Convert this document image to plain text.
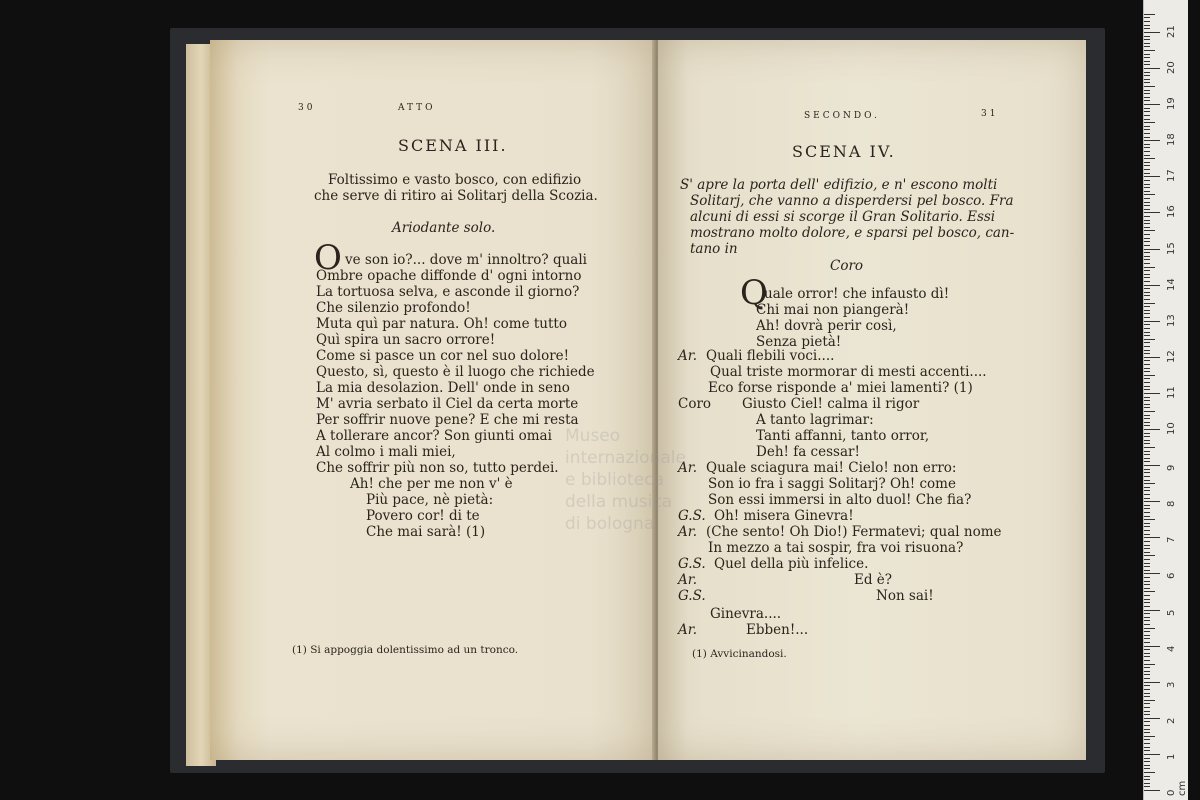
30	ATTO
SCENA III.
Foltissimo e vasto bosco, con edifizio
che serve di ritiro ai Solitarj della Scozia.
Ariodante solo.
O ve son io?... dove m' innoltro? quali
Ombre opache diffonde d' ogni intorno
La tortuosa selva, e asconde il giorno?
Che silenzio profondo!
Muta quì par natura. Oh! come tutto
Quì spira un sacro orrore!
Come si pasce un cor nel suo dolore!
Questo, sì, questo è il luogo che richiede
La mia desolazion. Dell' onde in seno
M' avria serbato il Ciel da certa morte
Per soffrir nuove pene? E che mi resta
A tollerare ancor? Son giunti omai
Al colmo i mali miei,
Che soffrir più non so, tutto perdei.
Ah! che per me non v' è
Più pace, nè pietà:
Povero cor! di te
Che mai sarà! (1)
(1) Si appoggia dolentissimo ad un tronco.
SECONDO.	31
SCENA IV.
S' apre la porta dell' edifizio, e n' escono molti
Solitarj, che vanno a disperdersi pel bosco. Fra
alcuni di essi si scorge il Gran Solitario. Essi
mostrano molto dolore, e sparsi pel bosco, can-
tano in
Coro
Q
uale orror! che infausto dì!
Chi mai non piangerà!
Ah! dovrà perir così,
Senza pietà!
Ar. Quali flebili voci....
Qual triste mormorar di mesti accenti....
Eco forse risponde a' miei lamenti? (1)
Coro Giusto Ciel! calma il rigor
A tanto lagrimar:
Tanti affanni, tanto orror,
Deh! fa cessar!
Ar. Quale sciagura mai! Cielo! non erro:
Son io fra i saggi Solitarj? Oh! come
Son essi immersi in alto duol! Che fia?
G.S. Oh! misera Ginevra!
Ar. (Che sento! Oh Dio!) Fermatevi; qual nome
In mezzo a tai sospir, fra voi risuona?
G.S. Quel della più infelice.
Ar.	Ed è?
G.S.	Non sai!
Ginevra....
Ar.	Ebben!...
(1) Avvicinandosi.
Museo internazionale
e biblioteca
della musica
di bologna
0 cm
1
2
3
4
5
6
7
8
9
10
11
12
13
14
15
16
17
18
19
20
21
